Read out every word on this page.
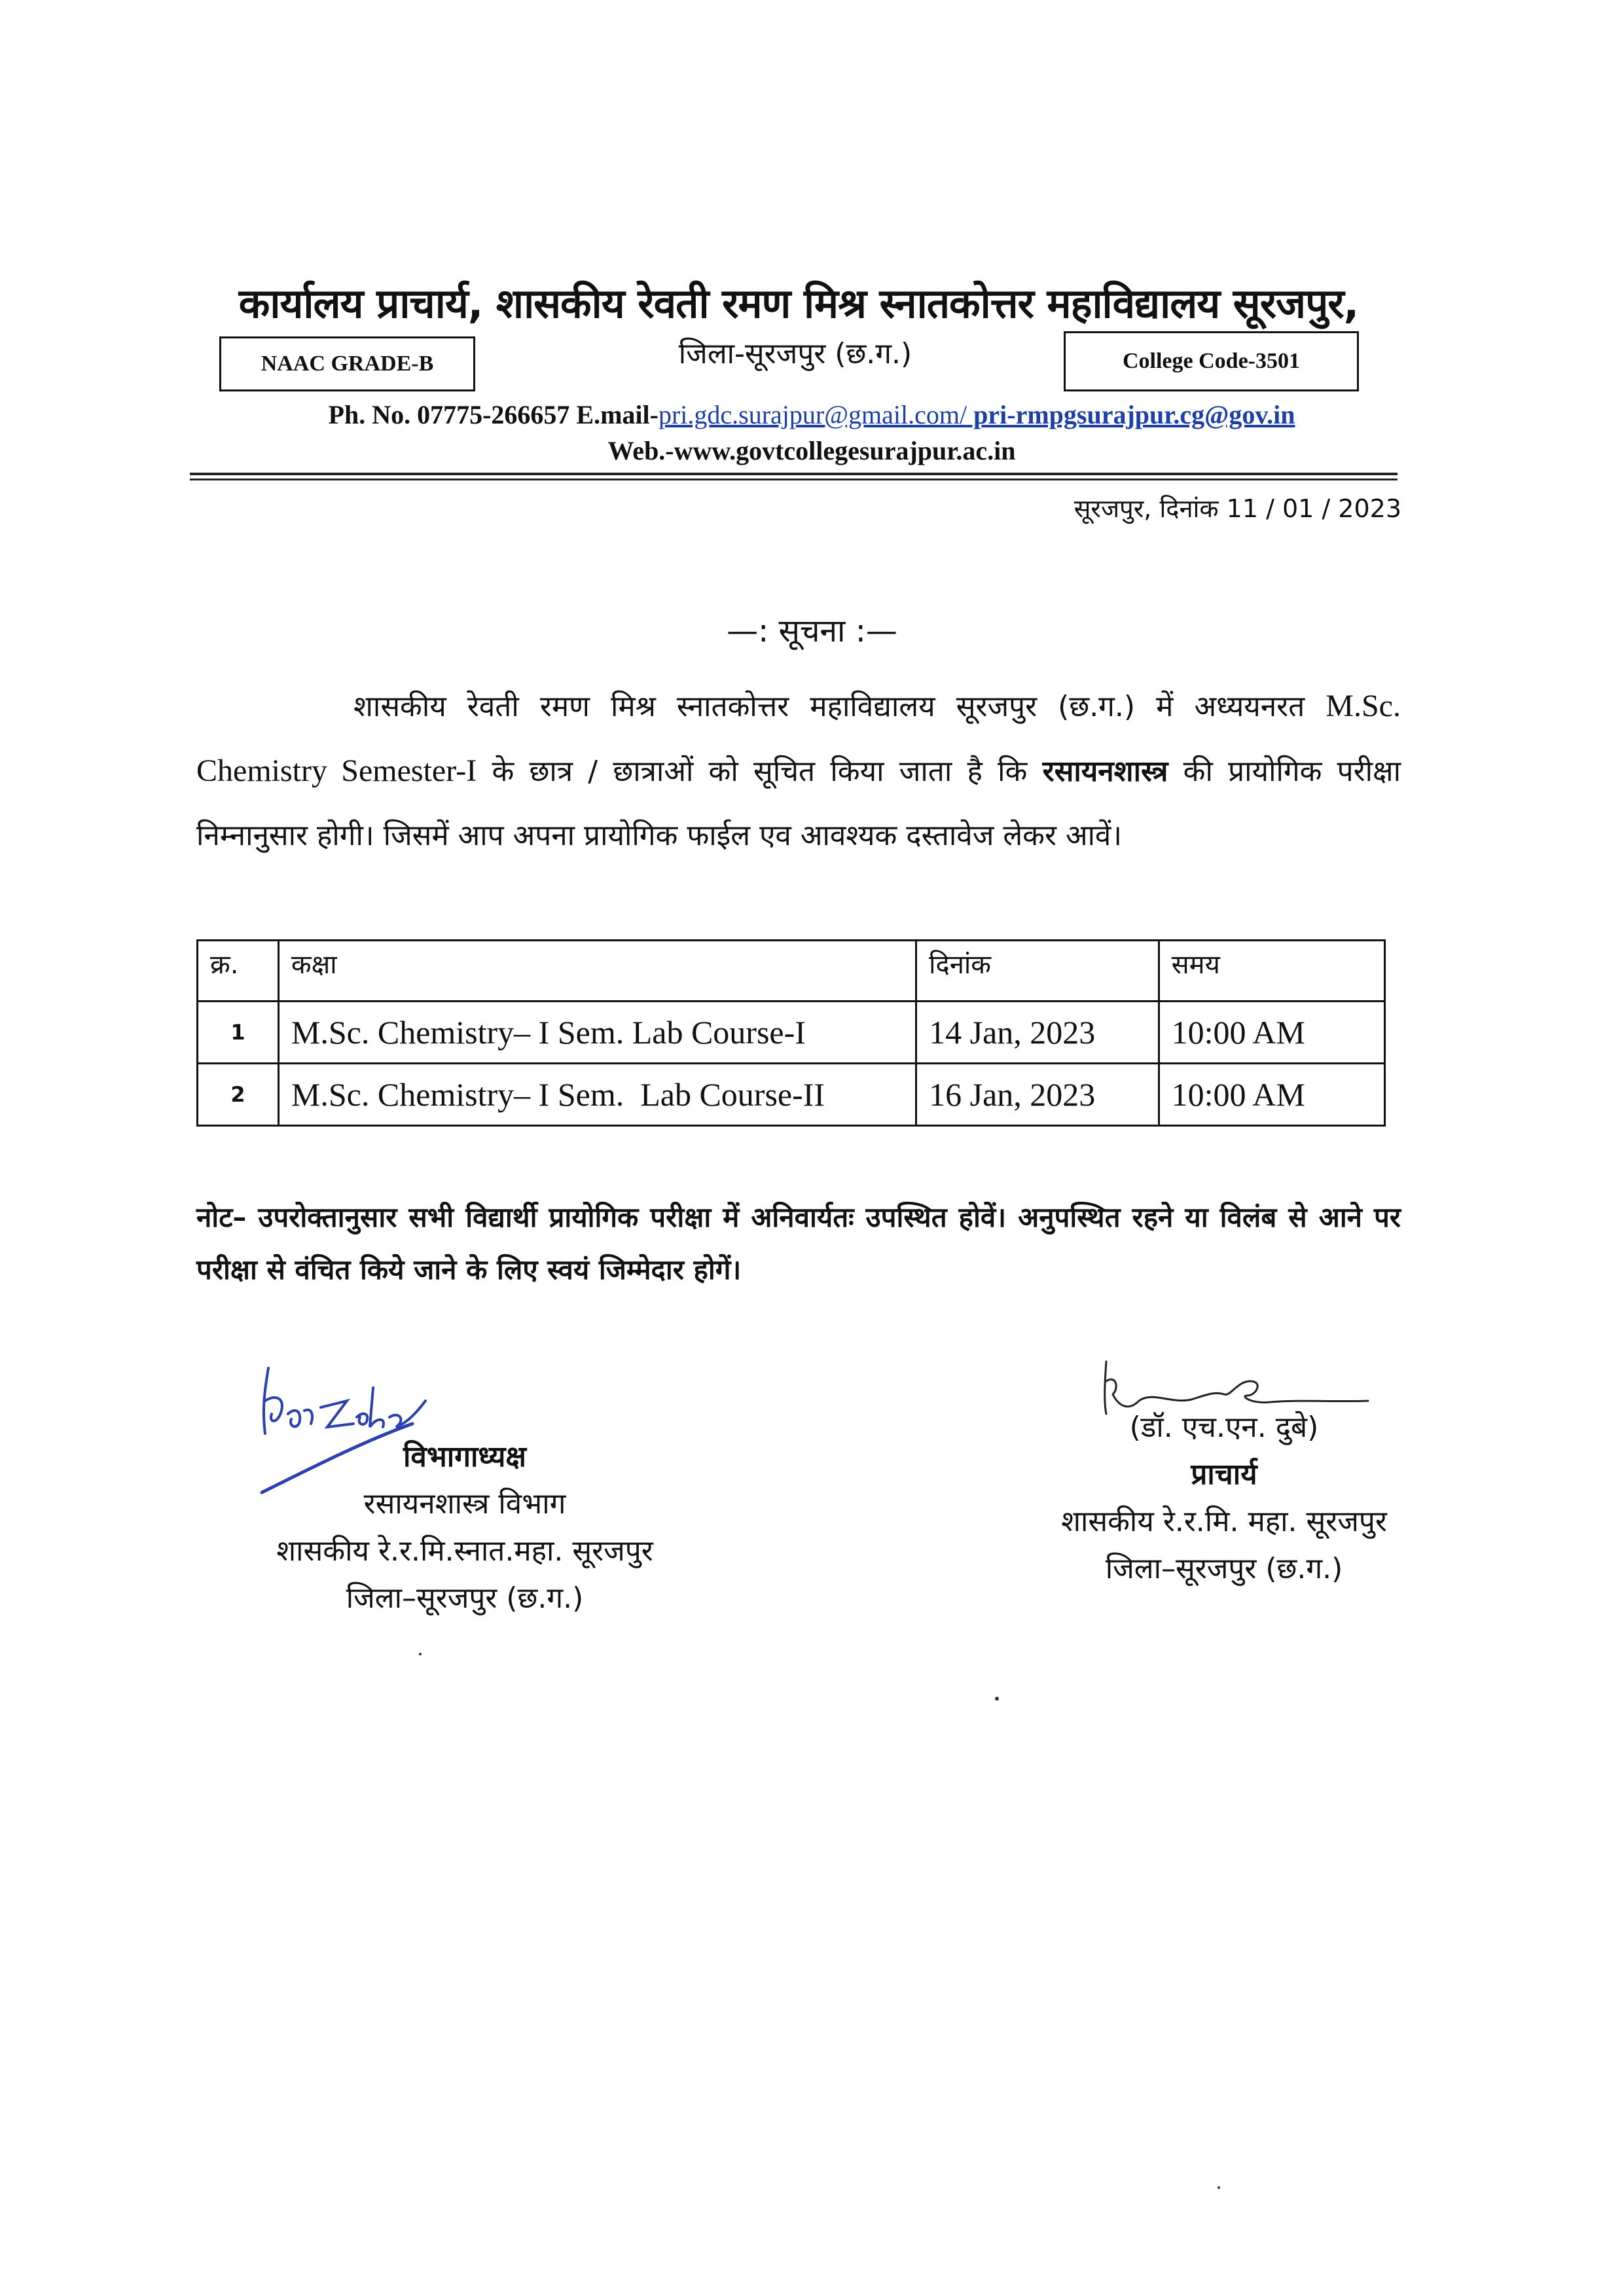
कार्यालय प्राचार्य, शासकीय रेवती रमण मिश्र स्नातकोत्तर महाविद्यालय सूरजपुर,
NAAC GRADE-B	जिला-सूरजपुर (छ.ग.)	College Code-3501
Ph. No. 07775-266657 E.mail-pri.gdc.surajpur@gmail.com/ pri-rmpgsurajpur.cg@gov.in
Web.-www.govtcollegesurajpur.ac.in
सूरजपुर, दिनांक 11 / 01 / 2023
—: सूचना :—
शासकीय रेवती रमण मिश्र स्नातकोत्तर महाविद्यालय सूरजपुर (छ.ग.) में अध्ययनरत M.Sc. Chemistry Semester-I के छात्र / छात्राओं को सूचित किया जाता है कि रसायनशास्त्र की प्रायोगिक परीक्षा निम्नानुसार होगी। जिसमें आप अपना प्रायोगिक फाईल एव आवश्यक दस्तावेज लेकर आवें।
क्र.	कक्षा	दिनांक	समय
1	M.Sc. Chemistry– I Sem. Lab Course-I	14 Jan, 2023	10:00 AM
2	M.Sc. Chemistry– I Sem.  Lab Course-II	16 Jan, 2023	10:00 AM
नोट– उपरोक्तानुसार सभी विद्यार्थी प्रायोगिक परीक्षा में अनिवार्यतः उपस्थित होवें। अनुपस्थित रहने या विलंब से आने पर परीक्षा से वंचित किये जाने के लिए स्वयं जिम्मेदार होगें।
विभागाध्यक्ष
रसायनशास्त्र विभाग
शासकीय रे.र.मि.स्नात.महा. सूरजपुर
जिला–सूरजपुर (छ.ग.)
(डॉ. एच.एन. दुबे)
प्राचार्य
शासकीय रे.र.मि. महा. सूरजपुर
जिला–सूरजपुर (छ.ग.)
